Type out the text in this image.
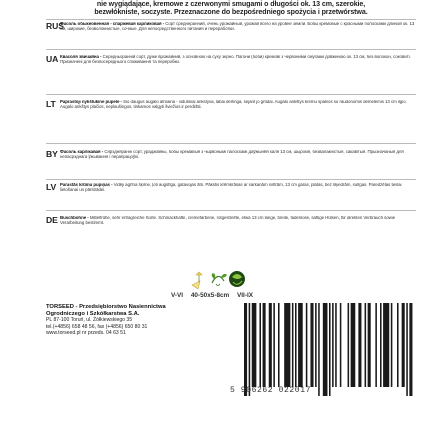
nie wygiądające, kremowe z czerwonymi smugami o długości ok. 13 cm, szerokie,
bezwłókniste, soczyste. Przeznaczone do bezpośredniego spożycia i przetwórstwa.
RUS
Фасоль обыкновенная - спаржевая карликовая - Сорт среднеранний, очень урожайный, урожай всего на уровне земли. Бобы кремовые с красными полосками длиной ок. 13 см, широкие, безволокнистые, сочные. Для непосредственного питания и переработки.
UA Квасоля звичайна - Середньоранній сорт, дуже врожайний, з основною на суху зерно. Пагони (боби) кремові з червоними смугами довжиною ок. 13 см, без волокон, соковиті. Призначені для безпосереднього споживання та переробки.
LT Paprastoji nykštukinė pupelė - Šio daugus augalo atmaina - vidutiniai ankstyva, labai derlinga, sėjant jo grūdai. Augalo ankštys kremu spalvos su raudonomis dėmelėmis 13 cm ilgio. Augalo ankštys plačios, neplaušingos, tinkamos valgyti šviežios ir perdirbti.
BY Фасоль карлікавая - Сярэдняранні сорт, ураджайны, бобы кремавыя з чырвонымі палоскамі даўжынёй каля 13 см, шырокія, безвалакністыя, сакавітыя. Прызначаныя для непасрэднага ўжывання і перапрацоўкі.
LV Parastās krūmu pupiņas - Vidēji agrīna šķirne, ļoti augstīga, gatavojas ātri. Pākstis krēmkrāsas ar sarkanām svītrām, 13 cm garas, platas, bez šķiedrām, sulīgas. Paredzētas tiešai lietošanai un pārstrādei.
DE Buschbohne - Mittelfrühe, sehr ertragreiche Sorte. Schmackhafte, cremefarbene, rotgestreifte, etwa 13 cm lange, breite, fadenlose, saftige Hülsen, für direkten Verbrauch sowie Verarbeitung bestimmt.
V-VI 40-50x5-8cm VII-IX
TORSEED - Przedsiębiorstwo Nasiennictwa
Ogrodniczego i Szkółkarstwa S.A.
PL 87-100 Toruń, ul. Żółkiewskiego 35
tel.(+4856) 658 48 56, fax (+4856) 650 80 31
www.torseed.pl nr przeds. 04 63 51
5 906262 022017
